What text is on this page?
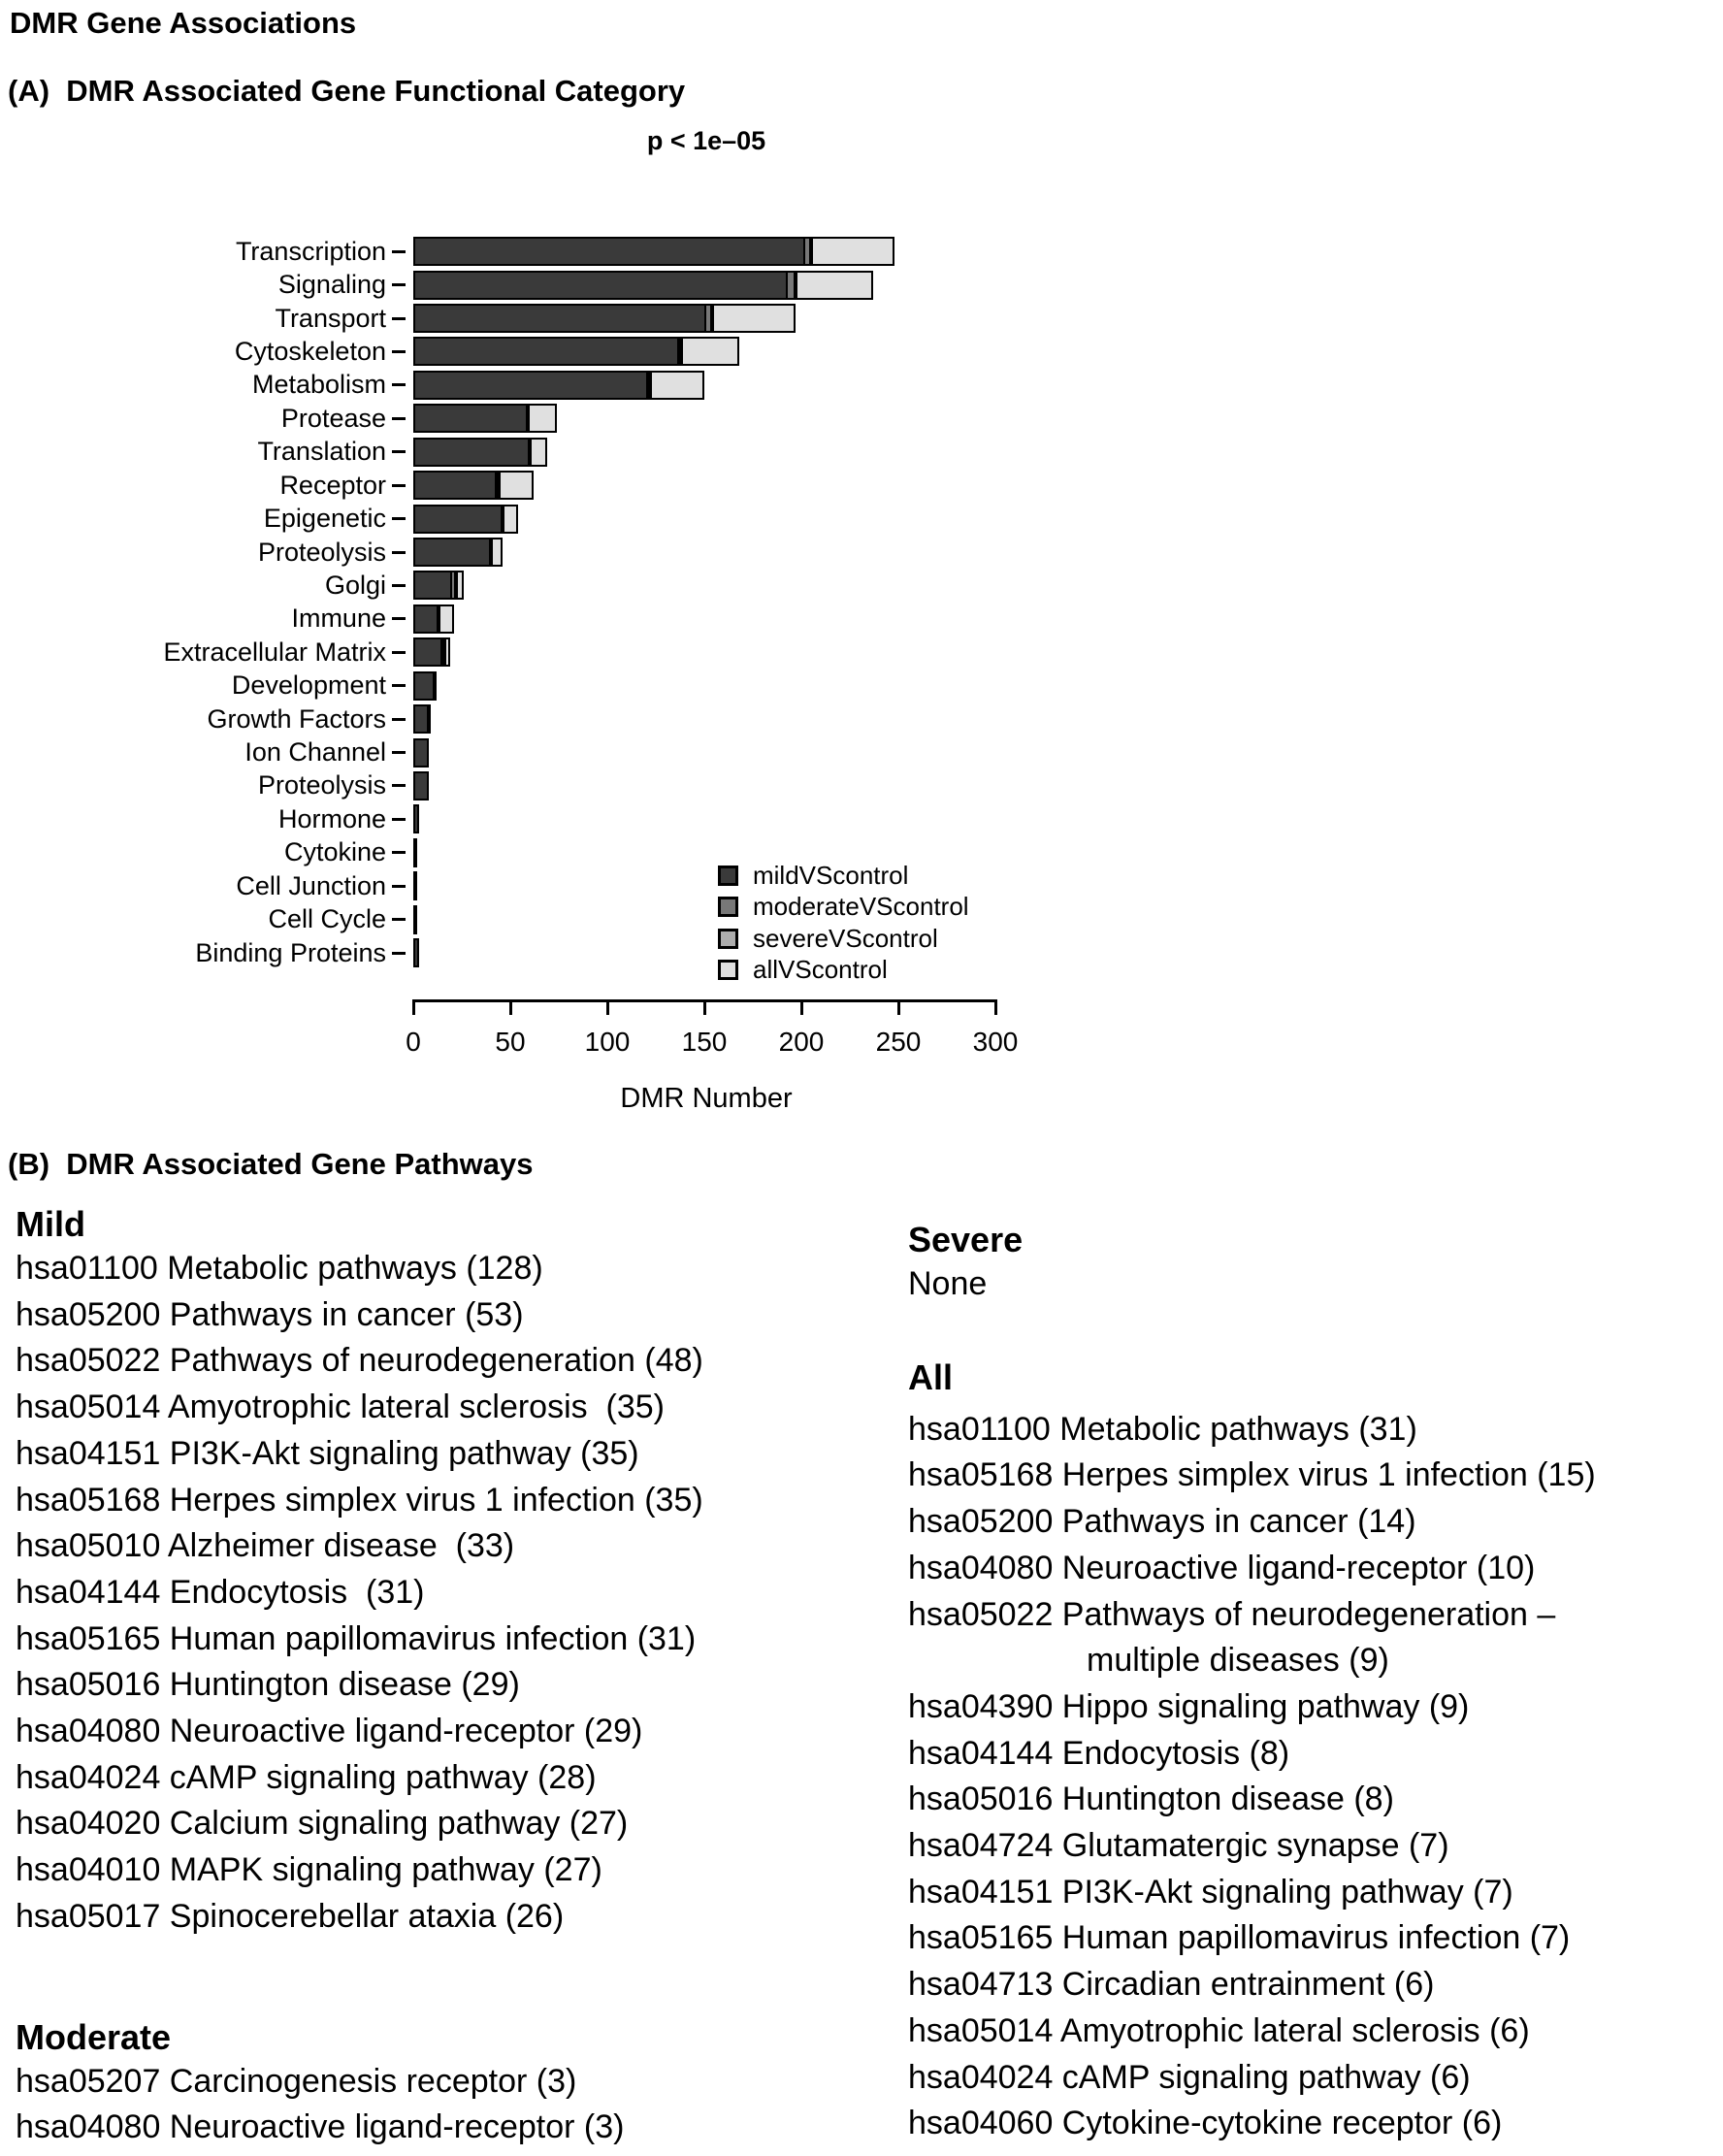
DMR Gene Associations
(A)  DMR Associated Gene Functional Category
p < 1e–05
Transcription
Signaling
Transport
Cytoskeleton
Metabolism
Protease
Translation
Receptor
Epigenetic
Proteolysis
Golgi
Immune
Extracellular Matrix
Development
Growth Factors
Ion Channel
Proteolysis
Hormone
Cytokine
Cell Junction
Cell Cycle
Binding Proteins
0	50 100 150 200 250 300
DMR Number
mildVScontrol
moderateVScontrol
severeVScontrol
allVScontrol
(B)  DMR Associated Gene Pathways
Mild
hsa01100 Metabolic pathways (128)
hsa05200 Pathways in cancer (53)
hsa05022 Pathways of neurodegeneration (48)
hsa05014 Amyotrophic lateral sclerosis  (35)
hsa04151 PI3K-Akt signaling pathway (35)
hsa05168 Herpes simplex virus 1 infection (35)
hsa05010 Alzheimer disease  (33)
hsa04144 Endocytosis  (31)
hsa05165 Human papillomavirus infection (31)
hsa05016 Huntington disease (29)
hsa04080 Neuroactive ligand-receptor (29)
hsa04024 cAMP signaling pathway (28)
hsa04020 Calcium signaling pathway (27)
hsa04010 MAPK signaling pathway (27)
hsa05017 Spinocerebellar ataxia (26)
Moderate
hsa05207 Carcinogenesis receptor (3)
hsa04080 Neuroactive ligand-receptor (3)
Severe
None
All
hsa01100 Metabolic pathways (31)
hsa05168 Herpes simplex virus 1 infection (15)
hsa05200 Pathways in cancer (14)
hsa04080 Neuroactive ligand-receptor (10)
hsa05022 Pathways of neurodegeneration –
multiple diseases (9)
hsa04390 Hippo signaling pathway (9)
hsa04144 Endocytosis (8)
hsa05016 Huntington disease (8)
hsa04724 Glutamatergic synapse (7)
hsa04151 PI3K-Akt signaling pathway (7)
hsa05165 Human papillomavirus infection (7)
hsa04713 Circadian entrainment (6)
hsa05014 Amyotrophic lateral sclerosis (6)
hsa04024 cAMP signaling pathway (6)
hsa04060 Cytokine-cytokine receptor (6)
